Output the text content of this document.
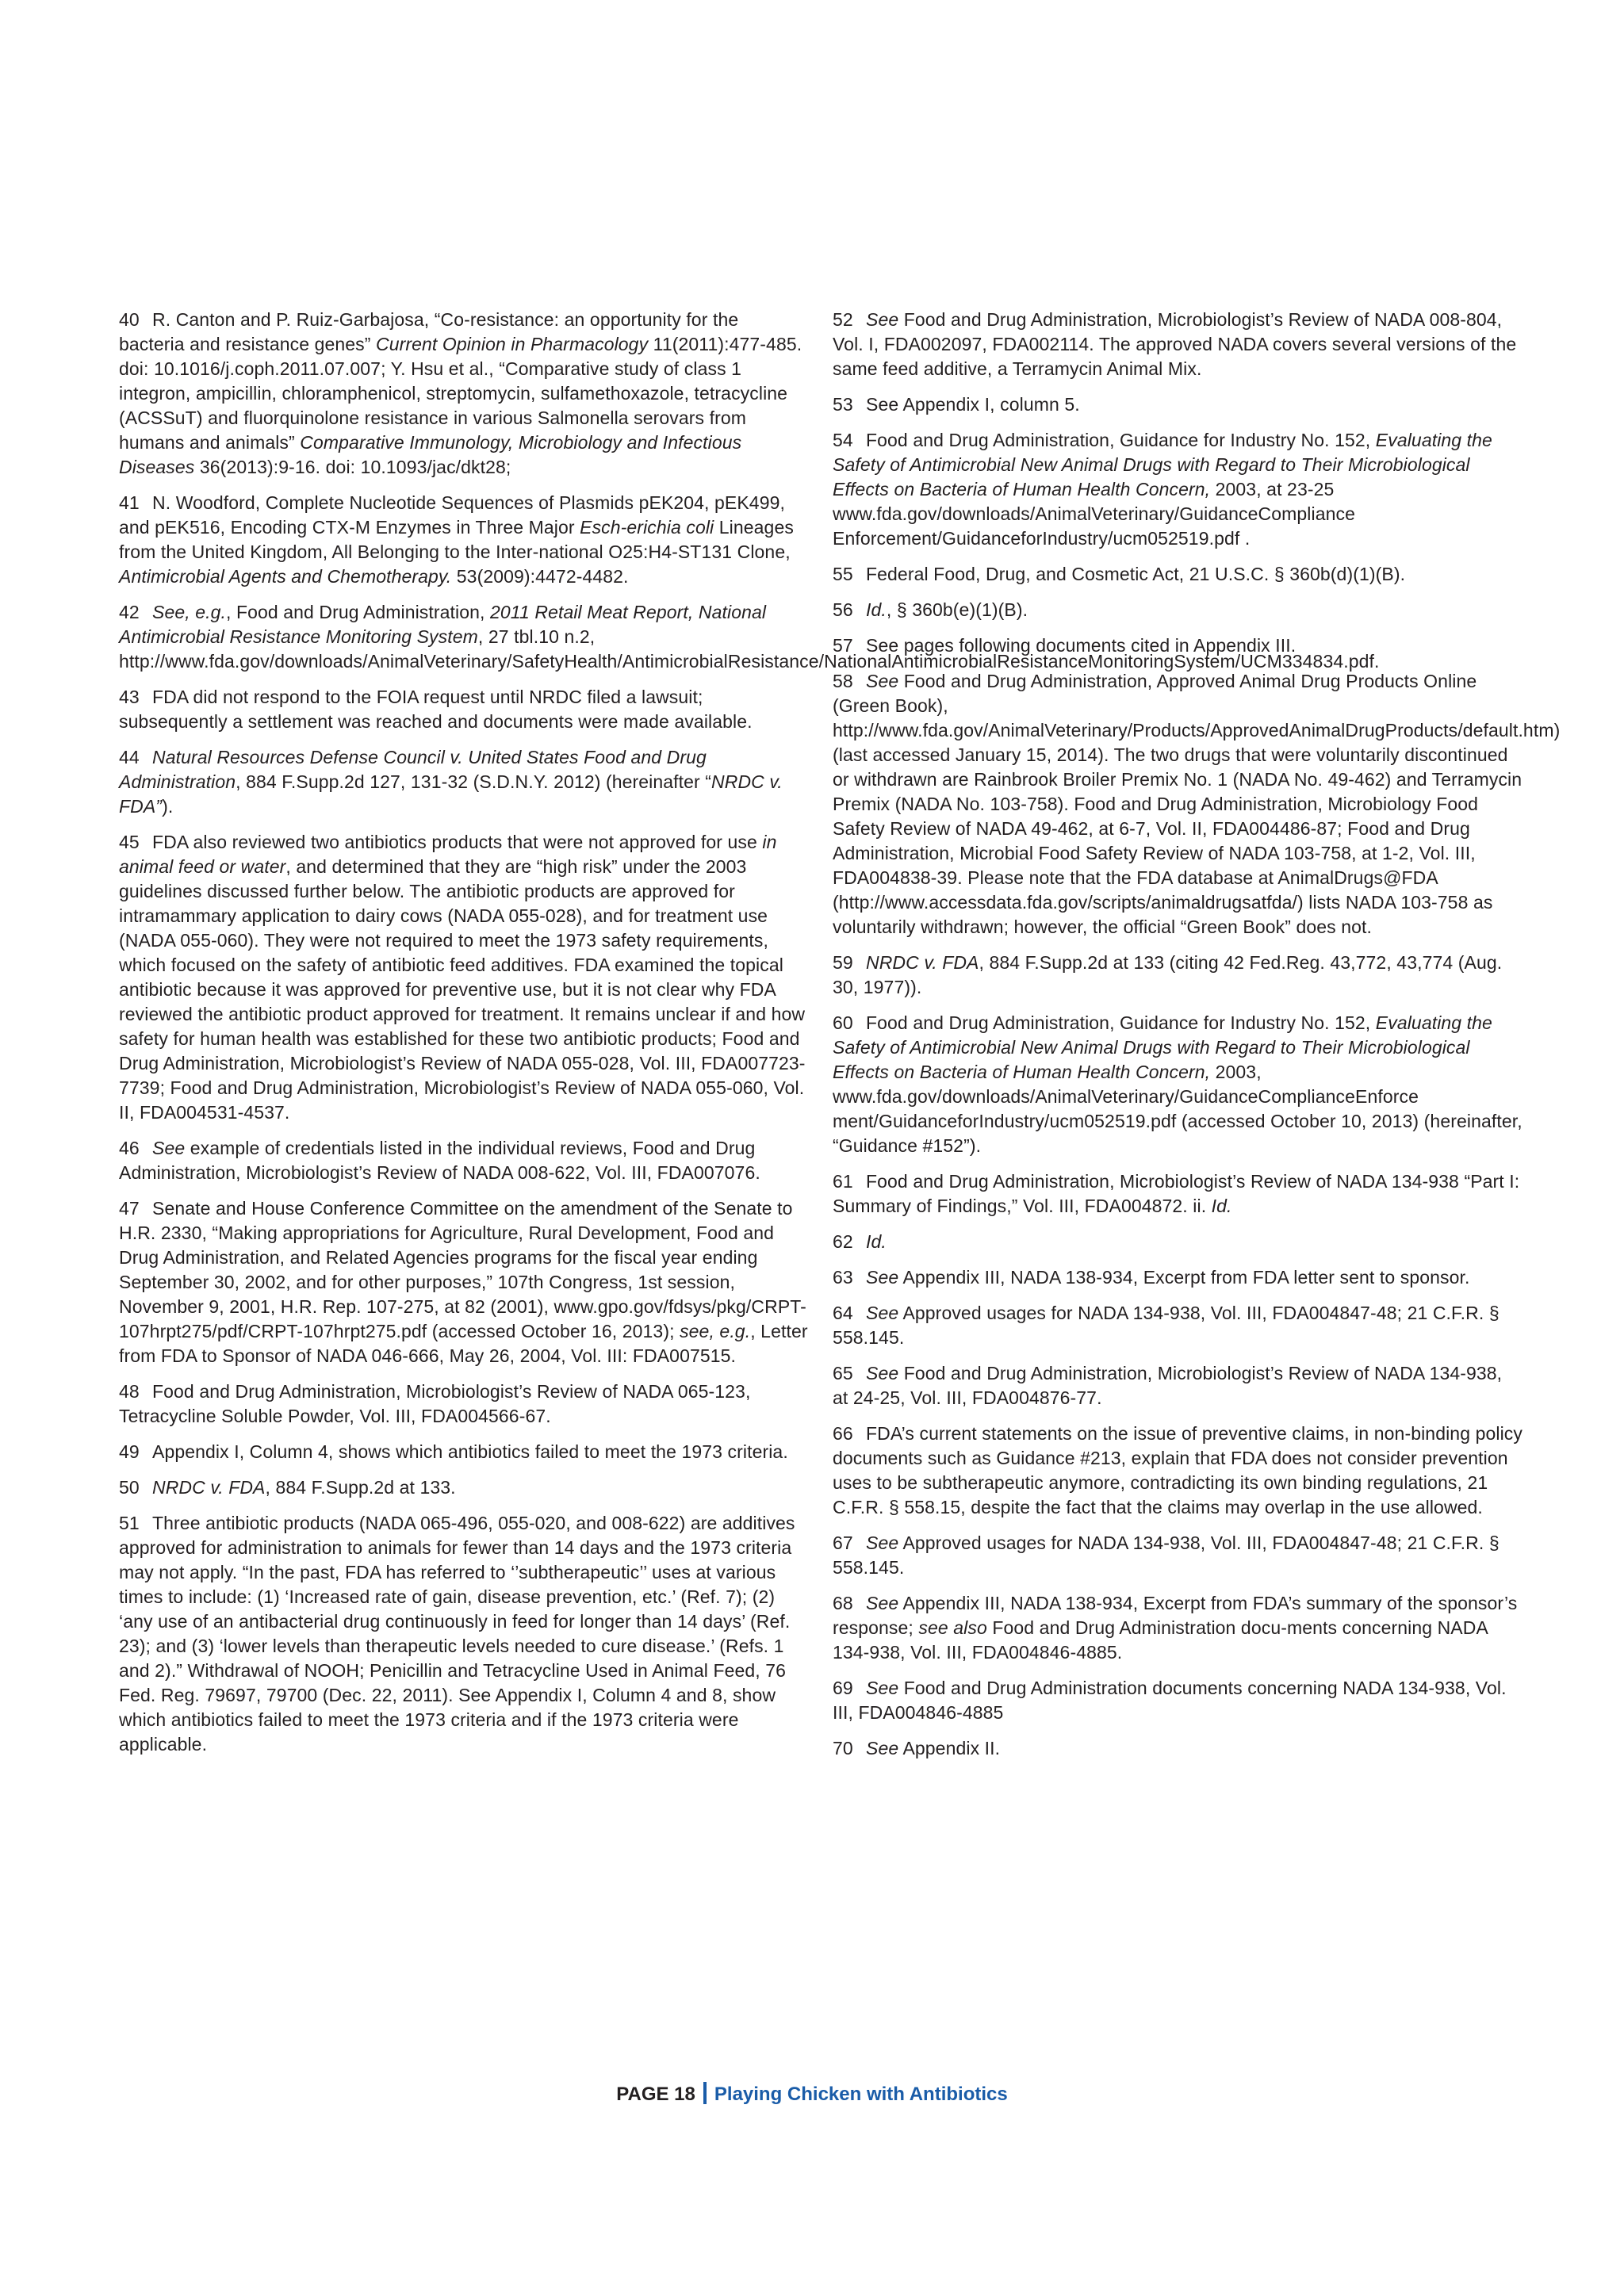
40 R. Canton and P. Ruiz-Garbajosa, “Co-resistance: an opportunity for the bacteria and resistance genes” Current Opinion in Pharmacology 11(2011):477-485. doi: 10.1016/j.coph.2011.07.007; Y. Hsu et al., “Comparative study of class 1 integron, ampicillin, chloramphenicol, streptomycin, sulfamethoxazole, tetracycline (ACSSuT) and fluorquinolone resistance in various Salmonella serovars from humans and animals” Comparative Immunology, Microbiology and Infectious Diseases 36(2013):9-16. doi: 10.1093/jac/dkt28;

41 N. Woodford, Complete Nucleotide Sequences of Plasmids pEK204, pEK499, and pEK516, Encoding CTX-M Enzymes in Three Major Esch-erichia coli Lineages from the United Kingdom, All Belonging to the Inter-national O25:H4-ST131 Clone, Antimicrobial Agents and Chemotherapy. 53(2009):4472-4482.

42 See, e.g., Food and Drug Administration, 2011 Retail Meat Report, National Antimicrobial Resistance Monitoring System, 27 tbl.10 n.2, http://www.fda.gov/downloads/AnimalVeterinary/SafetyHealth/AntimicrobialResistance/NationalAntimicrobialResistanceMonitoringSystem/UCM334834.pdf.

43 FDA did not respond to the FOIA request until NRDC filed a lawsuit; subsequently a settlement was reached and documents were made available.

44 Natural Resources Defense Council v. United States Food and Drug Administration, 884 F.Supp.2d 127, 131-32 (S.D.N.Y. 2012) (hereinafter “NRDC v. FDA”).

45 FDA also reviewed two antibiotics products that were not approved for use in animal feed or water, and determined that they are “high risk” under the 2003 guidelines discussed further below. The antibiotic products are approved for intramammary application to dairy cows (NADA 055-028), and for treatment use (NADA 055-060). They were not required to meet the 1973 safety requirements, which focused on the safety of antibiotic feed additives. FDA examined the topical antibiotic because it was approved for preventive use, but it is not clear why FDA reviewed the antibiotic product approved for treatment. It remains unclear if and how safety for human health was established for these two antibiotic products; Food and Drug Administration, Microbiologist’s Review of NADA 055-028, Vol. III, FDA007723-7739; Food and Drug Administration, Microbiologist’s Review of NADA 055-060, Vol. II, FDA004531-4537.

46 See example of credentials listed in the individual reviews, Food and Drug Administration, Microbiologist’s Review of NADA 008-622, Vol. III, FDA007076.

47 Senate and House Conference Committee on the amendment of the Senate to H.R. 2330, “Making appropriations for Agriculture, Rural Development, Food and Drug Administration, and Related Agencies programs for the fiscal year ending September 30, 2002, and for other purposes,” 107th Congress, 1st session, November 9, 2001, H.R. Rep. 107-275, at 82 (2001), www.gpo.gov/fdsys/pkg/CRPT-107hrpt275/pdf/CRPT-107hrpt275.pdf (accessed October 16, 2013); see, e.g., Letter from FDA to Sponsor of NADA 046-666, May 26, 2004, Vol. III: FDA007515.

48 Food and Drug Administration, Microbiologist’s Review of NADA 065-123, Tetracycline Soluble Powder, Vol. III, FDA004566-67.

49 Appendix I, Column 4, shows which antibiotics failed to meet the 1973 criteria.

50 NRDC v. FDA, 884 F.Supp.2d at 133.

51 Three antibiotic products (NADA 065-496, 055-020, and 008-622) are additives approved for administration to animals for fewer than 14 days and the 1973 criteria may not apply. “In the past, FDA has referred to ‘’subtherapeutic’’ uses at various times to include: (1) ‘Increased rate of gain, disease prevention, etc.’ (Ref. 7); (2) ‘any use of an antibacterial drug continuously in feed for longer than 14 days’ (Ref. 23); and (3) ‘lower levels than therapeutic levels needed to cure disease.’ (Refs. 1 and 2).” Withdrawal of NOOH; Penicillin and Tetracycline Used in Animal Feed, 76 Fed. Reg. 79697, 79700 (Dec. 22, 2011). See Appendix I, Column 4 and 8, show which antibiotics failed to meet the 1973 criteria and if the 1973 criteria were applicable.

52 See Food and Drug Administration, Microbiologist’s Review of NADA 008-804, Vol. I, FDA002097, FDA002114. The approved NADA covers several versions of the same feed additive, a Terramycin Animal Mix.

53 See Appendix I, column 5.

54 Food and Drug Administration, Guidance for Industry No. 152, Evaluating the Safety of Antimicrobial New Animal Drugs with Regard to Their Microbiological Effects on Bacteria of Human Health Concern, 2003, at 23-25 www.fda.gov/downloads/AnimalVeterinary/GuidanceCompliance Enforcement/GuidanceforIndustry/ucm052519.pdf .

55 Federal Food, Drug, and Cosmetic Act, 21 U.S.C. § 360b(d)(1)(B).

56 Id., § 360b(e)(1)(B).

57 See pages following documents cited in Appendix III.

58 See Food and Drug Administration, Approved Animal Drug Products Online (Green Book), http://www.fda.gov/AnimalVeterinary/Products/ApprovedAnimalDrugProducts/default.htm) (last accessed January 15, 2014). The two drugs that were voluntarily discontinued or withdrawn are Rainbrook Broiler Premix No. 1 (NADA No. 49-462) and Terramycin Premix (NADA No. 103-758). Food and Drug Administration, Microbiology Food Safety Review of NADA 49-462, at 6-7, Vol. II, FDA004486-87; Food and Drug Administration, Microbial Food Safety Review of NADA 103-758, at 1-2, Vol. III, FDA004838-39. Please note that the FDA database at AnimalDrugs@FDA (http://www.accessdata.fda.gov/scripts/animaldrugsatfda/) lists NADA 103-758 as voluntarily withdrawn; however, the official “Green Book” does not.

59 NRDC v. FDA, 884 F.Supp.2d at 133 (citing 42 Fed.Reg. 43,772, 43,774 (Aug. 30, 1977)).

60 Food and Drug Administration, Guidance for Industry No. 152, Evaluating the Safety of Antimicrobial New Animal Drugs with Regard to Their Microbiological Effects on Bacteria of Human Health Concern, 2003, www.fda.gov/downloads/AnimalVeterinary/GuidanceComplianceEnforce ment/GuidanceforIndustry/ucm052519.pdf (accessed October 10, 2013) (hereinafter, “Guidance #152”).

61 Food and Drug Administration, Microbiologist’s Review of NADA 134-938 “Part I: Summary of Findings,” Vol. III, FDA004872. ii. Id.

62 Id.

63 See Appendix III, NADA 138-934, Excerpt from FDA letter sent to sponsor.

64 See Approved usages for NADA 134-938, Vol. III, FDA004847-48; 21 C.F.R. § 558.145.

65 See Food and Drug Administration, Microbiologist’s Review of NADA 134-938, at 24-25, Vol. III, FDA004876-77.

66 FDA’s current statements on the issue of preventive claims, in non-binding policy documents such as Guidance #213, explain that FDA does not consider prevention uses to be subtherapeutic anymore, contradicting its own binding regulations, 21 C.F.R. § 558.15, despite the fact that the claims may overlap in the use allowed.

67 See Approved usages for NADA 134-938, Vol. III, FDA004847-48; 21 C.F.R. § 558.145.

68 See Appendix III, NADA 138-934, Excerpt from FDA’s summary of the sponsor’s response; see also Food and Drug Administration docu-ments concerning NADA 134-938, Vol. III, FDA004846-4885.

69 See Food and Drug Administration documents concerning NADA 134-938, Vol. III, FDA004846-4885

70 See Appendix II.

PAGE 18 Playing Chicken with Antibiotics
